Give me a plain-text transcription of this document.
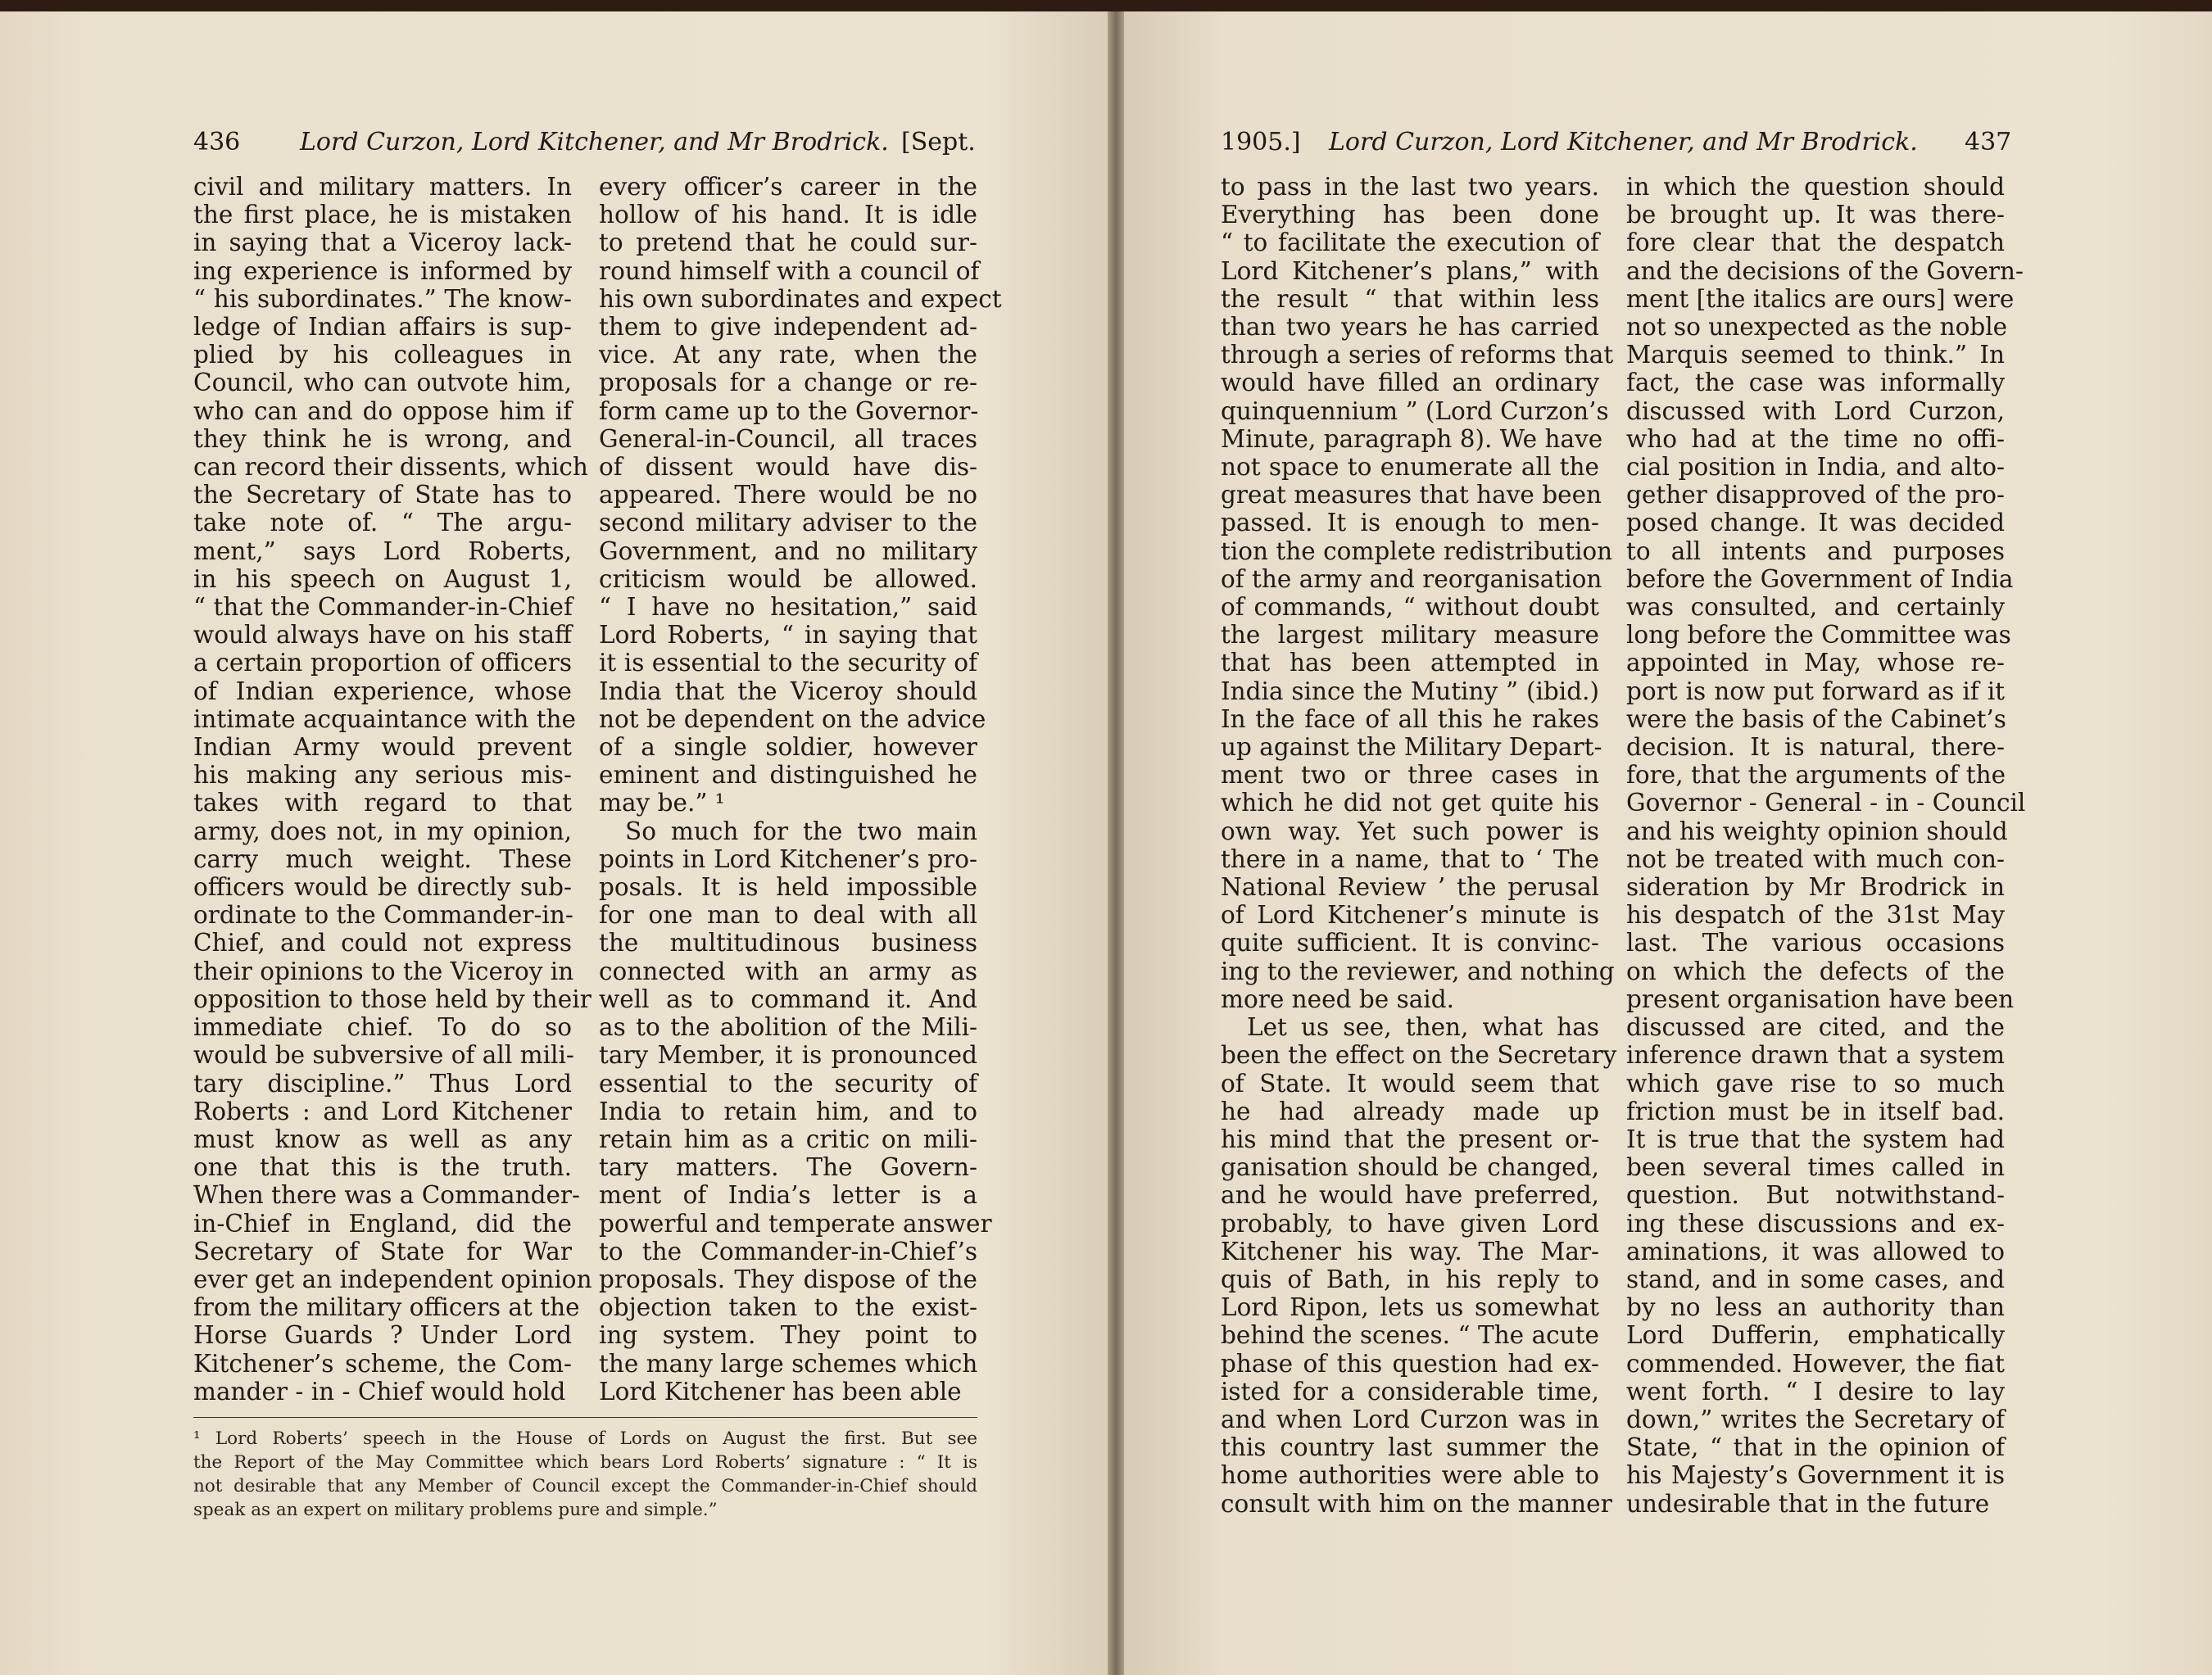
436 Lord Curzon, Lord Kitchener, and Mr Brodrick. [Sept.
civil and military matters. In
the first place, he is mistaken
in saying that a Viceroy lack-
ing experience is informed by
“ his subordinates.” The know-
ledge of Indian affairs is sup-
plied by his colleagues in
Council, who can outvote him,
who can and do oppose him if
they think he is wrong, and
can record their dissents, which
the Secretary of State has to
take note of. “ The argu-
ment,” says Lord Roberts,
in his speech on August 1,
“ that the Commander-in-Chief
would always have on his staff
a certain proportion of officers
of Indian experience, whose
intimate acquaintance with the
Indian Army would prevent
his making any serious mis-
takes with regard to that
army, does not, in my opinion,
carry much weight. These
officers would be directly sub-
ordinate to the Commander-in-
Chief, and could not express
their opinions to the Viceroy in
opposition to those held by their
immediate chief. To do so
would be subversive of all mili-
tary discipline.” Thus Lord
Roberts : and Lord Kitchener
must know as well as any
one that this is the truth.
When there was a Commander-
in-Chief in England, did the
Secretary of State for War
ever get an independent opinion
from the military officers at the
Horse Guards ? Under Lord
Kitchener’s scheme, the Com-
mander - in - Chief would hold
every officer’s career in the
hollow of his hand. It is idle
to pretend that he could sur-
round himself with a council of
his own subordinates and expect
them to give independent ad-
vice. At any rate, when the
proposals for a change or re-
form came up to the Governor-
General-in-Council, all traces
of dissent would have dis-
appeared. There would be no
second military adviser to the
Government, and no military
criticism would be allowed.
“ I have no hesitation,” said
Lord Roberts, “ in saying that
it is essential to the security of
India that the Viceroy should
not be dependent on the advice
of a single soldier, however
eminent and distinguished he
may be.” ¹
So much for the two main
points in Lord Kitchener’s pro-
posals. It is held impossible
for one man to deal with all
the multitudinous business
connected with an army as
well as to command it. And
as to the abolition of the Mili-
tary Member, it is pronounced
essential to the security of
India to retain him, and to
retain him as a critic on mili-
tary matters. The Govern-
ment of India’s letter is a
powerful and temperate answer
to the Commander-in-Chief’s
proposals. They dispose of the
objection taken to the exist-
ing system. They point to
the many large schemes which
Lord Kitchener has been able
¹ Lord Roberts’ speech in the House of Lords on August the first. But see
the Report of the May Committee which bears Lord Roberts’ signature : “ It is
not desirable that any Member of Council except the Commander-in-Chief should
speak as an expert on military problems pure and simple.”
1905.] Lord Curzon, Lord Kitchener, and Mr Brodrick. 437
to pass in the last two years.
Everything has been done
“ to facilitate the execution of
Lord Kitchener’s plans,” with
the result “ that within less
than two years he has carried
through a series of reforms that
would have filled an ordinary
quinquennium ” (Lord Curzon’s
Minute, paragraph 8). We have
not space to enumerate all the
great measures that have been
passed. It is enough to men-
tion the complete redistribution
of the army and reorganisation
of commands, “ without doubt
the largest military measure
that has been attempted in
India since the Mutiny ” (ibid.)
In the face of all this he rakes
up against the Military Depart-
ment two or three cases in
which he did not get quite his
own way. Yet such power is
there in a name, that to ‘ The
National Review ’ the perusal
of Lord Kitchener’s minute is
quite sufficient. It is convinc-
ing to the reviewer, and nothing
more need be said.
Let us see, then, what has
been the effect on the Secretary
of State. It would seem that
he had already made up
his mind that the present or-
ganisation should be changed,
and he would have preferred,
probably, to have given Lord
Kitchener his way. The Mar-
quis of Bath, in his reply to
Lord Ripon, lets us somewhat
behind the scenes. “ The acute
phase of this question had ex-
isted for a considerable time,
and when Lord Curzon was in
this country last summer the
home authorities were able to
consult with him on the manner
in which the question should
be brought up. It was there-
fore clear that the despatch
and the decisions of the Govern-
ment [the italics are ours] were
not so unexpected as the noble
Marquis seemed to think.” In
fact, the case was informally
discussed with Lord Curzon,
who had at the time no offi-
cial position in India, and alto-
gether disapproved of the pro-
posed change. It was decided
to all intents and purposes
before the Government of India
was consulted, and certainly
long before the Committee was
appointed in May, whose re-
port is now put forward as if it
were the basis of the Cabinet’s
decision. It is natural, there-
fore, that the arguments of the
Governor - General - in - Council
and his weighty opinion should
not be treated with much con-
sideration by Mr Brodrick in
his despatch of the 31st May
last. The various occasions
on which the defects of the
present organisation have been
discussed are cited, and the
inference drawn that a system
which gave rise to so much
friction must be in itself bad.
It is true that the system had
been several times called in
question. But notwithstand-
ing these discussions and ex-
aminations, it was allowed to
stand, and in some cases, and
by no less an authority than
Lord Dufferin, emphatically
commended. However, the fiat
went forth. “ I desire to lay
down,” writes the Secretary of
State, “ that in the opinion of
his Majesty’s Government it is
undesirable that in the future
